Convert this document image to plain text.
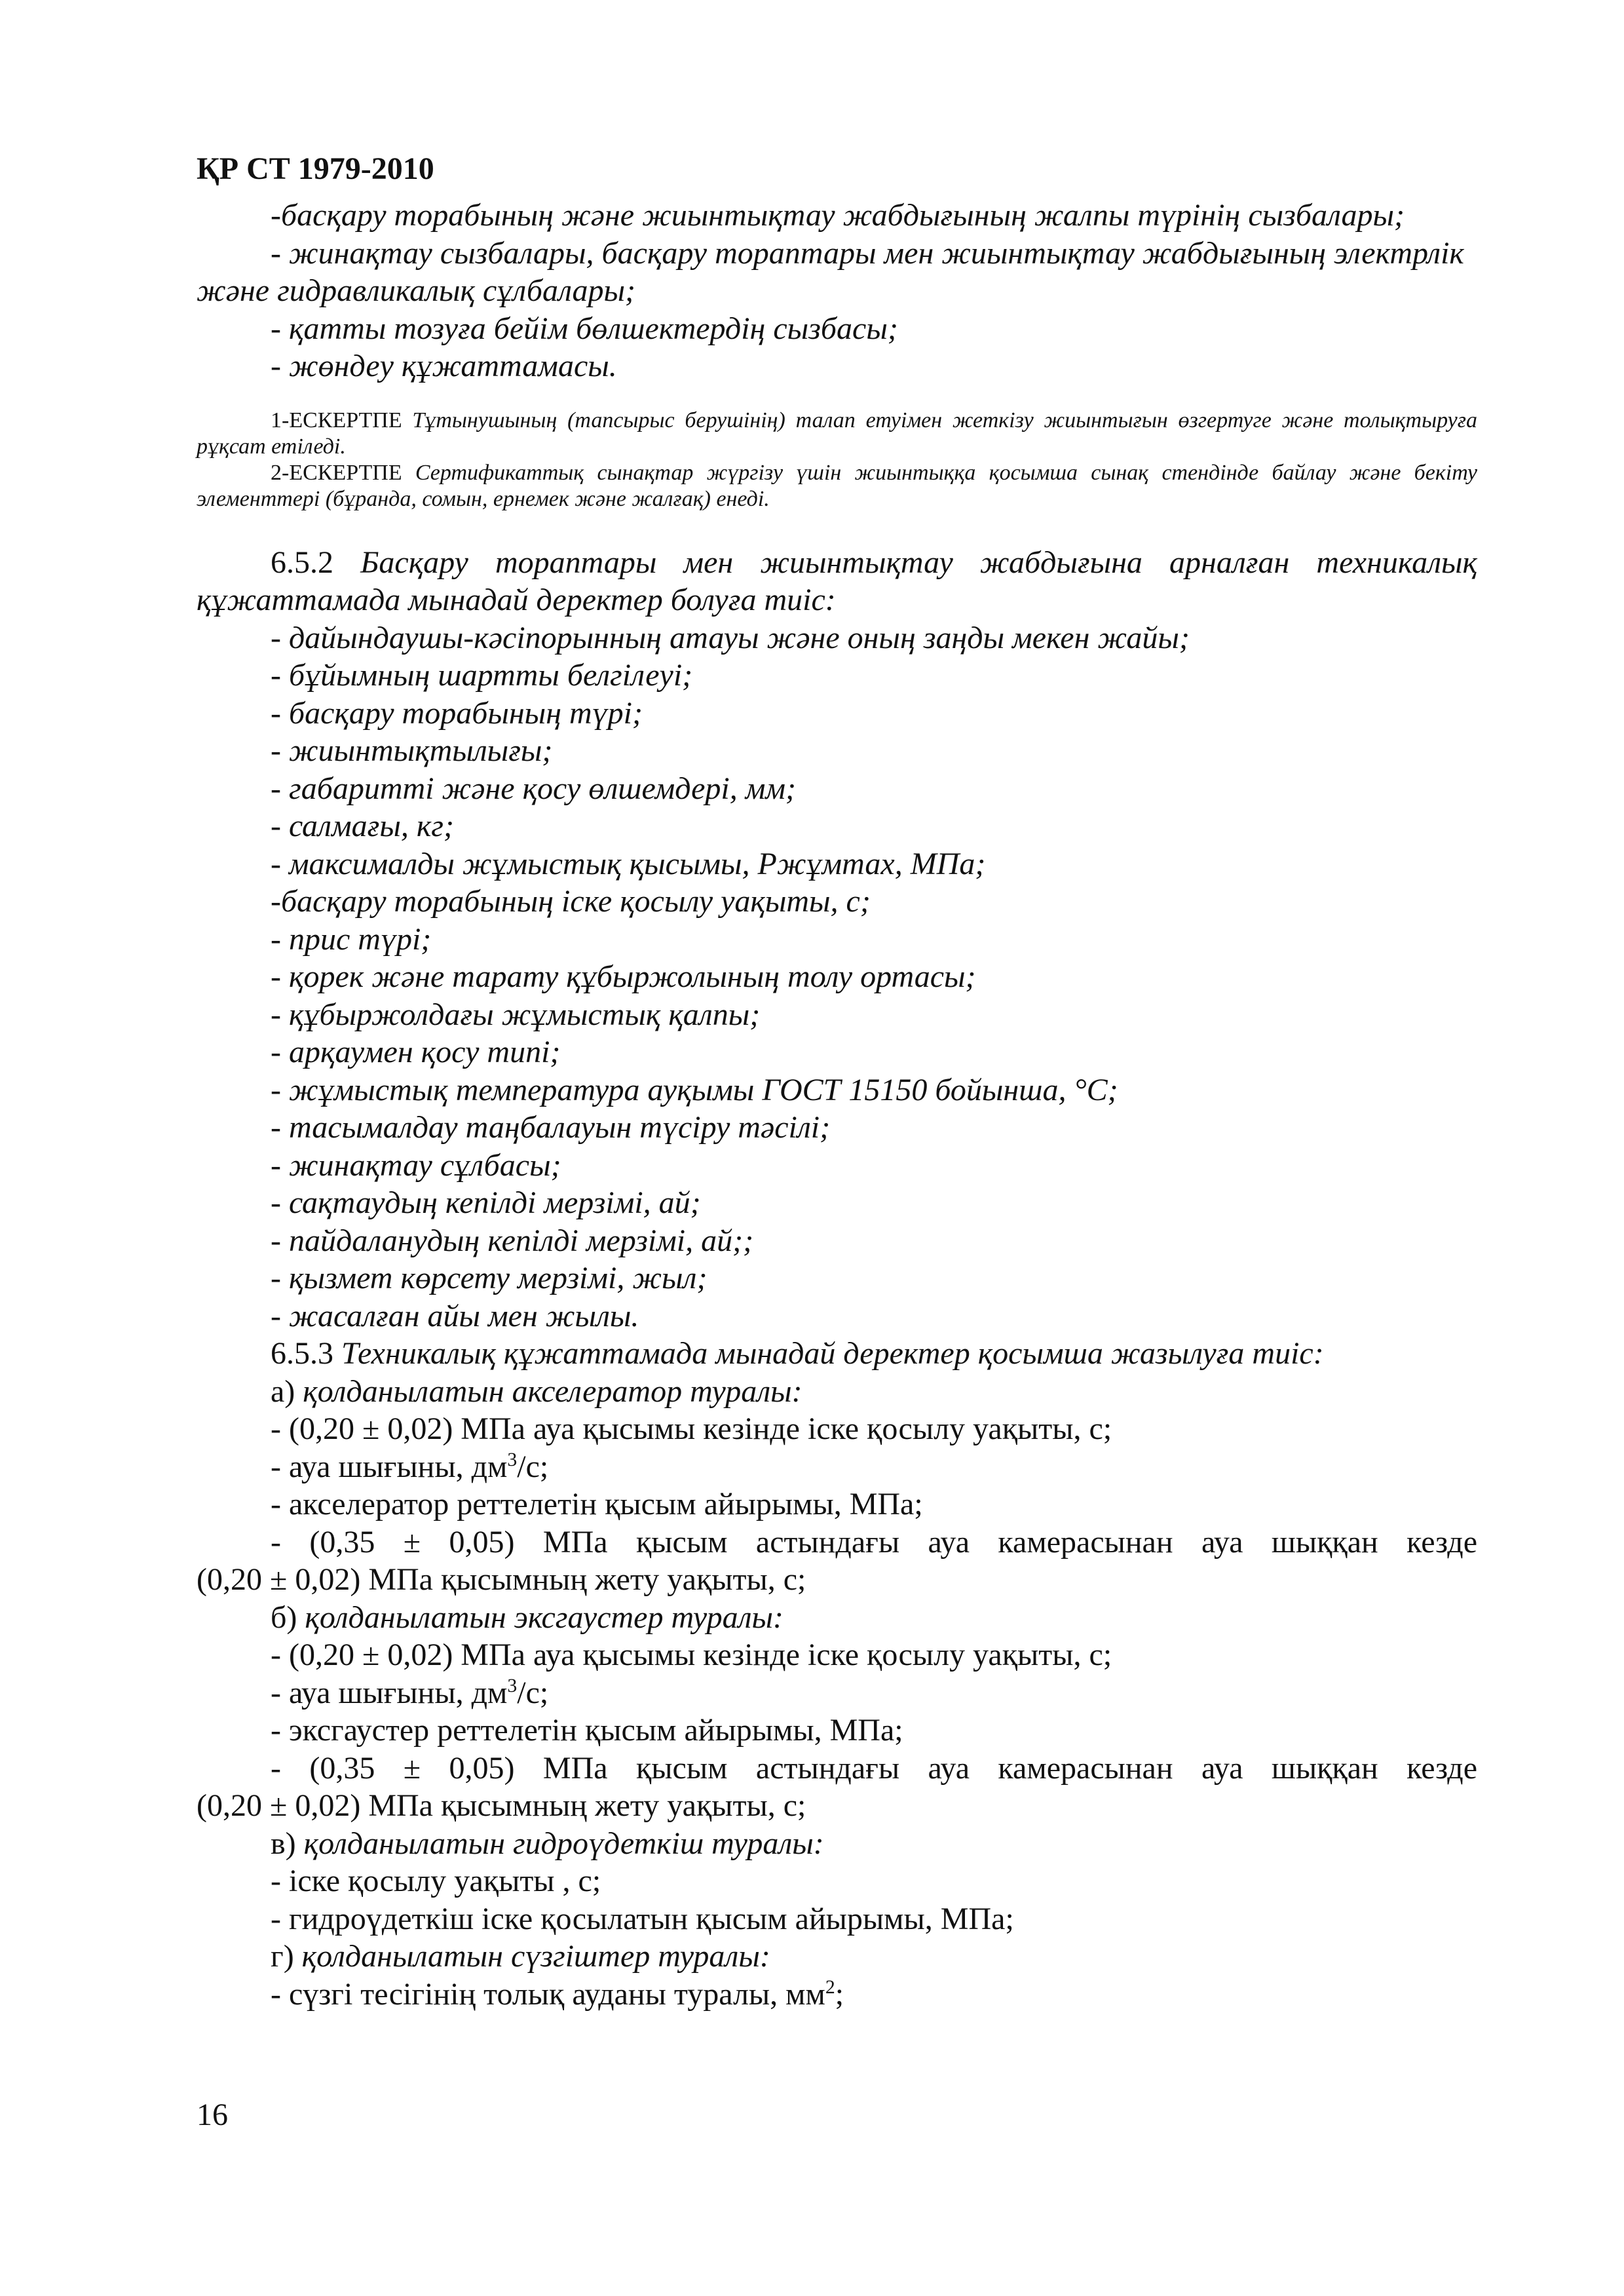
ҚР СТ 1979-2010

-басқару торабының және жиынтықтау жабдығының жалпы түрінің сызбалары;

- жинақтау сызбалары, басқару тораптары мен жиынтықтау жабдығының электрлік және гидравликалық сұлбалары;

- қатты тозуға бейім бөлшектердің сызбасы;

- жөндеу құжаттамасы.

1-ЕСКЕРТПЕ Тұтынушының (тапсырыс берушінің) талап етуімен жеткізу жиынтығын өзгертуге және толықтыруға рұқсат етіледі.

2-ЕСКЕРТПЕ Сертификаттық сынақтар жүргізу үшін жиынтыққа қосымша сынақ стендінде байлау және бекіту элементтері (бұранда, сомын, ернемек және жалғақ) енеді.

6.5.2 Басқару тораптары мен жиынтықтау жабдығына арналған техникалық құжаттамада мынадай деректер болуға тиіс:

- дайындаушы-кәсіпорынның атауы және оның заңды мекен жайы;

- бұйымның шартты белгілеуі;

- басқару торабының түрі;

- жиынтықтылығы;

- габаритті және қосу өлшемдері, мм;

- салмағы, кг;

- максималды жұмыстық қысымы, Ржұмтах, МПа;

-басқару торабының іске қосылу уақыты, с;

- прис түрі;

- қорек және тарату құбыржолының толу ортасы;

- құбыржолдағы жұмыстық қалпы;

- арқаумен қосу типі;

- жұмыстық температура ауқымы ГОСТ 15150 бойынша, °С;

- тасымалдау таңбалауын түсіру тәсілі;

- жинақтау сұлбасы;

- сақтаудың кепілді мерзімі, ай;

- пайдаланудың кепілді мерзімі, ай;;

- қызмет көрсету мерзімі, жыл;

- жасалған айы мен жылы.

6.5.3 Техникалық құжаттамада мынадай деректер қосымша жазылуға тиіс:

а) қолданылатын акселератор туралы:

- (0,20 ± 0,02) МПа ауа қысымы кезінде іске қосылу уақыты, с;

- ауа шығыны, $дм^3/с$;

- акселератор реттелетін қысым айырымы, МПа;

- (0,35 ± 0,05) МПа қысым астындағы ауа камерасынан ауа шыққан кезде

(0,20 ± 0,02) МПа қысымның жету уақыты, с;

б) қолданылатын эксгаустер туралы:

- (0,20 ± 0,02) МПа ауа қысымы кезінде іске қосылу уақыты, с;

- ауа шығыны, $дм^3/с$;

- эксгаустер реттелетін қысым айырымы, МПа;

- (0,35 ± 0,05) МПа қысым астындағы ауа камерасынан ауа шыққан кезде

(0,20 ± 0,02) МПа қысымның жету уақыты, с;

в) қолданылатын гидроүдеткіш туралы:

- іске қосылу уақыты , с;

- гидроүдеткіш іске қосылатын қысым айырымы, МПа;

г) қолданылатын сүзгіштер туралы:

- сүзгі тесігінің толық ауданы туралы, $мм^2$;

16
